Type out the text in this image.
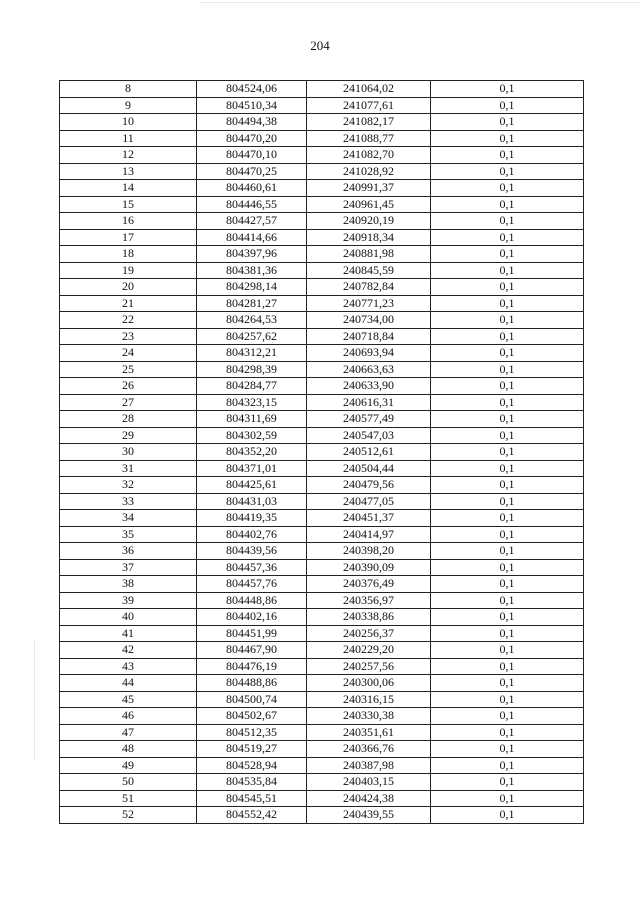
204
8	804524,06	241064,02	0,1
9	804510,34	241077,61	0,1
10	804494,38	241082,17	0,1
11	804470,20	241088,77	0,1
12	804470,10	241082,70	0,1
13	804470,25	241028,92	0,1
14	804460,61	240991,37	0,1
15	804446,55	240961,45	0,1
16	804427,57	240920,19	0,1
17	804414,66	240918,34	0,1
18	804397,96	240881,98	0,1
19	804381,36	240845,59	0,1
20	804298,14	240782,84	0,1
21	804281,27	240771,23	0,1
22	804264,53	240734,00	0,1
23	804257,62	240718,84	0,1
24	804312,21	240693,94	0,1
25	804298,39	240663,63	0,1
26	804284,77	240633,90	0,1
27	804323,15	240616,31	0,1
28	804311,69	240577,49	0,1
29	804302,59	240547,03	0,1
30	804352,20	240512,61	0,1
31	804371,01	240504,44	0,1
32	804425,61	240479,56	0,1
33	804431,03	240477,05	0,1
34	804419,35	240451,37	0,1
35	804402,76	240414,97	0,1
36	804439,56	240398,20	0,1
37	804457,36	240390,09	0,1
38	804457,76	240376,49	0,1
39	804448,86	240356,97	0,1
40	804402,16	240338,86	0,1
41	804451,99	240256,37	0,1
42	804467,90	240229,20	0,1
43	804476,19	240257,56	0,1
44	804488,86	240300,06	0,1
45	804500,74	240316,15	0,1
46	804502,67	240330,38	0,1
47	804512,35	240351,61	0,1
48	804519,27	240366,76	0,1
49	804528,94	240387,98	0,1
50	804535,84	240403,15	0,1
51	804545,51	240424,38	0,1
52	804552,42	240439,55	0,1
